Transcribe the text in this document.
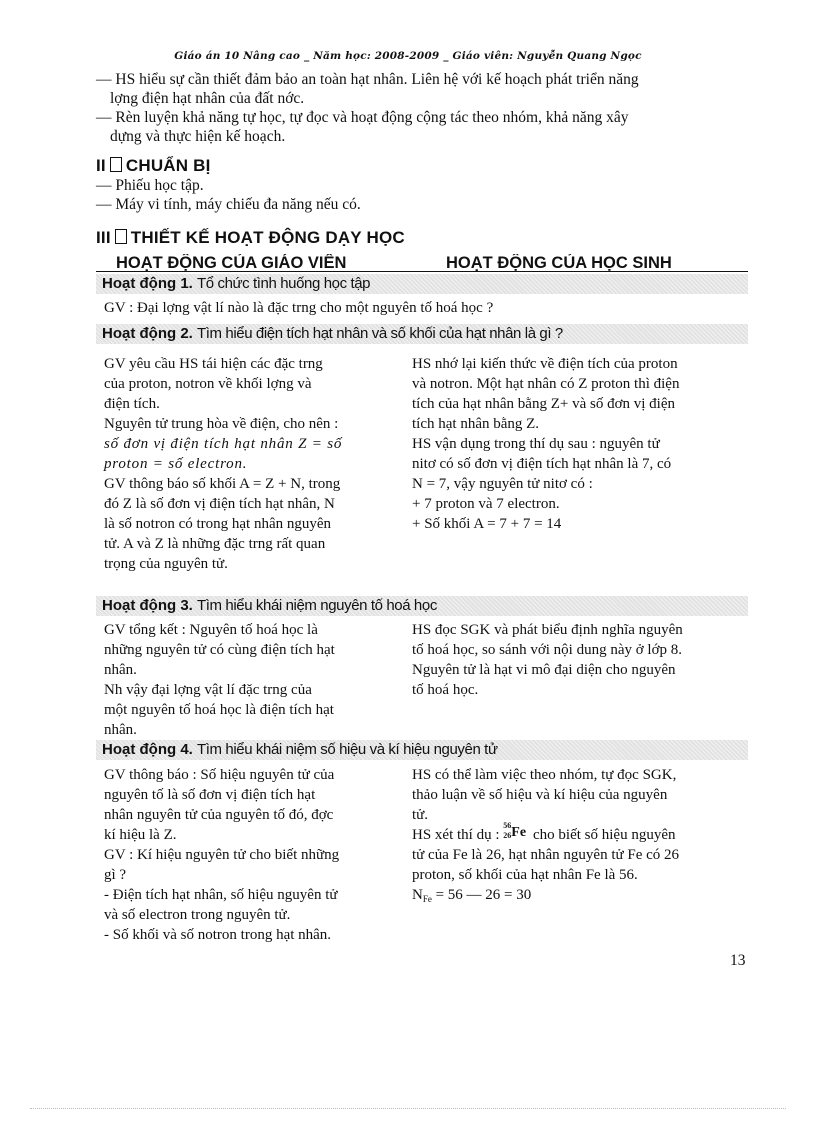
Giáo án 10 Nâng cao _ Năm học: 2008-2009 _ Giáo viên: Nguyễn Quang Ngọc

— HS hiểu sự cần thiết đảm bảo an toàn hạt nhân. Liên hệ với kế hoạch phát triển năng

lợng điện hạt nhân của đất nớc.

— Rèn luyện khả năng tự học, tự đọc và hoạt động cộng tác theo nhóm, khả năng xây

dựng và thực hiện kế hoạch.

II CHUẨN BỊ

— Phiếu học tập.

— Máy vi tính, máy chiếu đa năng nếu có.

III THIẾT KẾ HOẠT ĐỘNG DẠY HỌC
HOẠT ĐỘNG CỦA GIÁO VIÊN	HOẠT ĐỘNG CỦA HỌC SINH
Hoạt động 1. Tổ chức tình huống học tập
GV : Đại lợng vật lí nào là đặc trng cho một nguyên tố hoá học ?
Hoạt động 2. Tìm hiểu điện tích hạt nhân và số khối của hạt nhân là gì ?

GV yêu cầu HS tái hiện các đặc trng

của proton, notron về khối lợng và

điện tích.

Nguyên tử trung hòa về điện, cho nên :

số đơn vị điện tích hạt nhân Z = số

proton = số electron.

GV thông báo số khối A = Z + N, trong

đó Z là số đơn vị điện tích hạt nhân, N

là số notron có trong hạt nhân nguyên

tử. A và Z là những đặc trng rất quan

trọng của nguyên tử.

HS nhớ lại kiến thức về điện tích của proton

và notron. Một hạt nhân có Z proton thì điện

tích của hạt nhân bằng Z+ và số đơn vị điện

tích hạt nhân bằng Z.

HS vận dụng trong thí dụ sau : nguyên tử

nitơ có số đơn vị điện tích hạt nhân là 7, có

N = 7, vậy nguyên tử nitơ có :

+ 7 proton và 7 electron.

+ Số khối A = 7 + 7 = 14

Hoạt động 3. Tìm hiểu khái niệm nguyên tố hoá học

GV tổng kết : Nguyên tố hoá học là

những nguyên tử có cùng điện tích hạt

nhân.

Nh vậy đại lợng vật lí đặc trng của

một nguyên tố hoá học là điện tích hạt

nhân.

HS đọc SGK và phát biểu định nghĩa nguyên

tố hoá học, so sánh với nội dung này ở lớp 8.

Nguyên tử là hạt vi mô đại diện cho nguyên

tố hoá học.

Hoạt động 4. Tìm hiểu khái niệm số hiệu và kí hiệu nguyên tử

GV thông báo : Số hiệu nguyên tử của

nguyên tố là số đơn vị điện tích hạt

nhân nguyên tử của nguyên tố đó, đợc

kí hiệu là Z.

GV : Kí hiệu nguyên tử cho biết những

gì ?

- Điện tích hạt nhân, số hiệu nguyên tử

và số electron trong nguyên tử.

- Số khối và số notron trong hạt nhân.

HS có thể làm việc theo nhóm, tự đọc SGK,

thảo luận về số hiệu và kí hiệu của nguyên

tử.

HS xét thí dụ :
56
26 Fe cho biết số hiệu nguyên

tử của Fe là 26, hạt nhân nguyên tử Fe có 26

proton, số khối của hạt nhân Fe là 56.

$N_{Fe} = 56$ — 26 = 30

13
